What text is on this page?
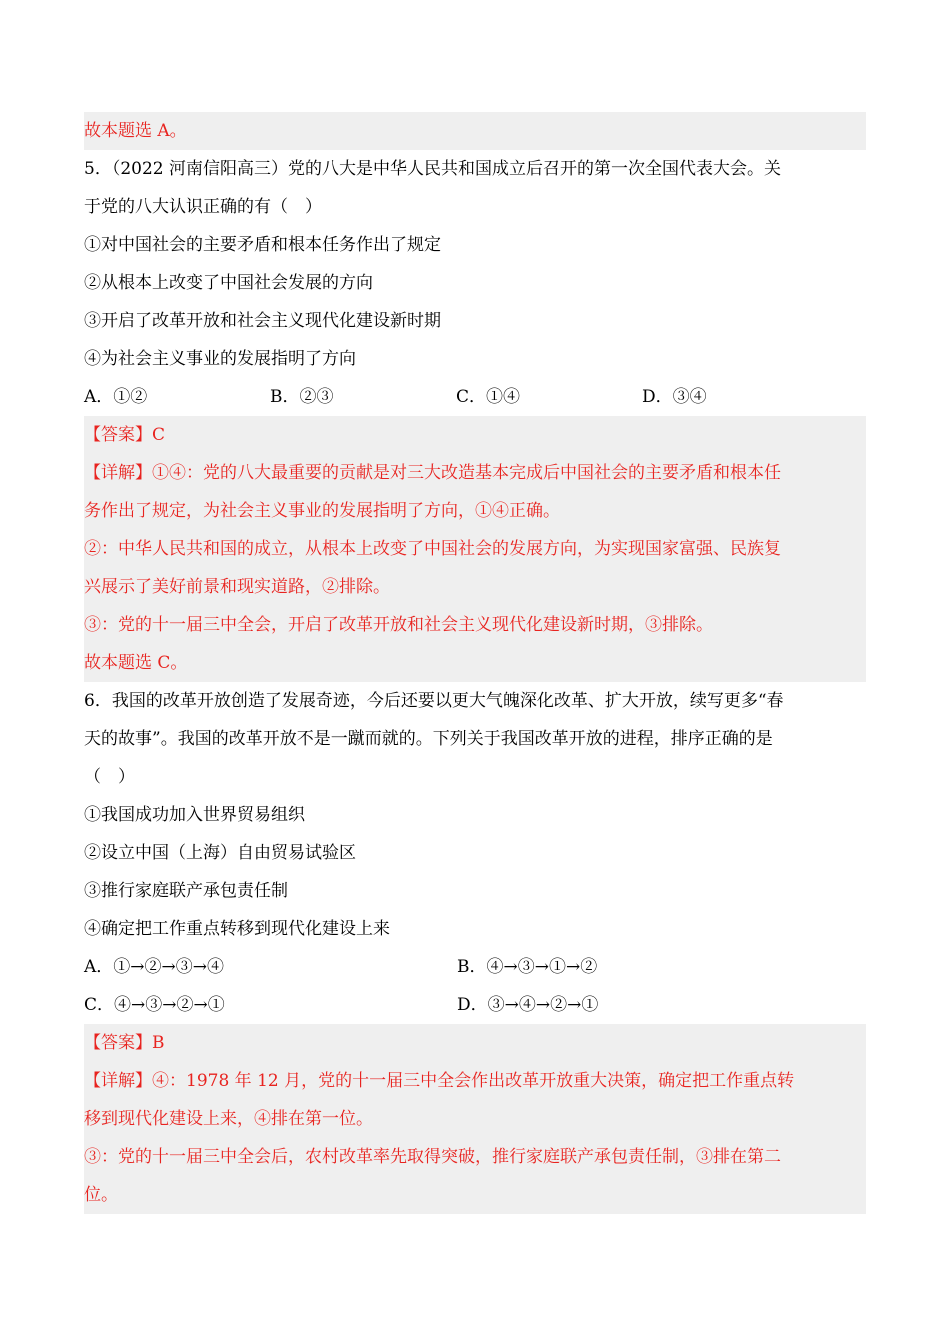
故本题选 A。
5．（2022 河南信阳高三）党的八大是中华人民共和国成立后召开的第一次全国代表大会。关
于党的八大认识正确的有（　）
①对中国社会的主要矛盾和根本任务作出了规定
②从根本上改变了中国社会发展的方向
③开启了改革开放和社会主义现代化建设新时期
④为社会主义事业的发展指明了方向
A．①②	B．②③	C．①④	D．③④
【答案】C
【详解】①④：党的八大最重要的贡献是对三大改造基本完成后中国社会的主要矛盾和根本任
务作出了规定，为社会主义事业的发展指明了方向，①④正确。
②：中华人民共和国的成立，从根本上改变了中国社会的发展方向，为实现国家富强、民族复
兴展示了美好前景和现实道路，②排除。
③：党的十一届三中全会，开启了改革开放和社会主义现代化建设新时期，③排除。
故本题选 C。
6．我国的改革开放创造了发展奇迹，今后还要以更大气魄深化改革、扩大开放，续写更多“春
天的故事”。我国的改革开放不是一蹴而就的。下列关于我国改革开放的进程，排序正确的是
（　）
①我国成功加入世界贸易组织
②设立中国（上海）自由贸易试验区
③推行家庭联产承包责任制
④确定把工作重点转移到现代化建设上来
A．①→②→③→④	B．④→③→①→②
C．④→③→②→①	D．③→④→②→①
【答案】B
【详解】④：1978 年 12 月，党的十一届三中全会作出改革开放重大决策，确定把工作重点转
移到现代化建设上来，④排在第一位。
③：党的十一届三中全会后，农村改革率先取得突破，推行家庭联产承包责任制，③排在第二
位。
